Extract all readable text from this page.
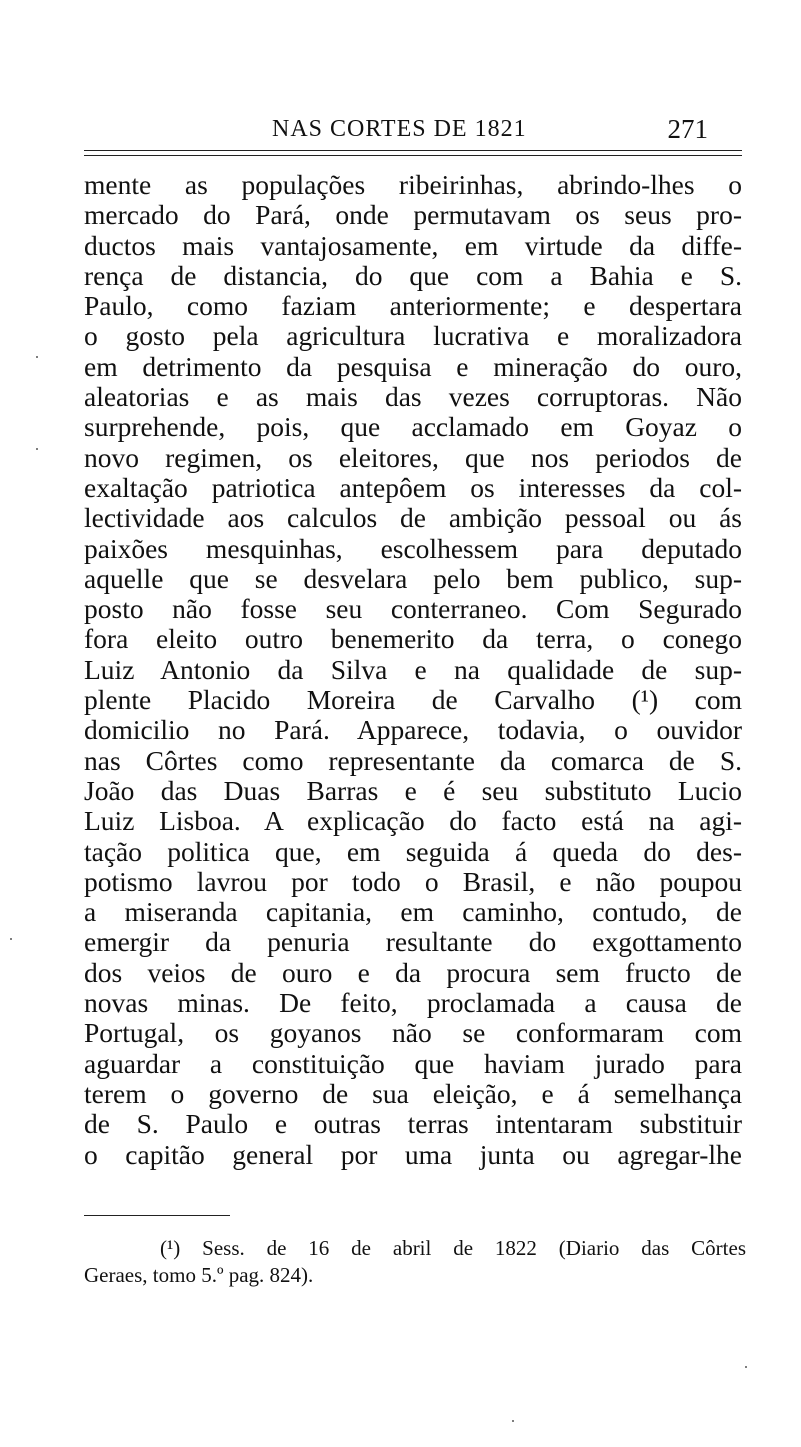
NAS CORTES DE 1821	271
mente as populações ribeirinhas, abrindo-lhes o
mercado do Pará, onde permutavam os seus pro-
ductos mais vantajosamente, em virtude da diffe-
rença de distancia, do que com a Bahia e S.
Paulo, como faziam anteriormente; e despertara
o gosto pela agricultura lucrativa e moralizadora
em detrimento da pesquisa e mineração do ouro,
aleatorias e as mais das vezes corruptoras. Não
surprehende, pois, que acclamado em Goyaz o
novo regimen, os eleitores, que nos periodos de
exaltação patriotica antepôem os interesses da col-
lectividade aos calculos de ambição pessoal ou ás
paixões mesquinhas, escolhessem para deputado
aquelle que se desvelara pelo bem publico, sup-
posto não fosse seu conterraneo. Com Segurado
fora eleito outro benemerito da terra, o conego
Luiz Antonio da Silva e na qualidade de sup-
plente Placido Moreira de Carvalho (¹) com
domicilio no Pará. Apparece, todavia, o ouvidor
nas Côrtes como representante da comarca de S.
João das Duas Barras e é seu substituto Lucio
Luiz Lisboa. A explicação do facto está na agi-
tação politica que, em seguida á queda do des-
potismo lavrou por todo o Brasil, e não poupou
a miseranda capitania, em caminho, contudo, de
emergir da penuria resultante do exgottamento
dos veios de ouro e da procura sem fructo de
novas minas. De feito, proclamada a causa de
Portugal, os goyanos não se conformaram com
aguardar a constituição que haviam jurado para
terem o governo de sua eleição, e á semelhança
de S. Paulo e outras terras intentaram substituir
o capitão general por uma junta ou agregar-lhe
(¹) Sess. de 16 de abril de 1822 (Diario das Côrtes
Geraes, tomo 5.º pag. 824).
